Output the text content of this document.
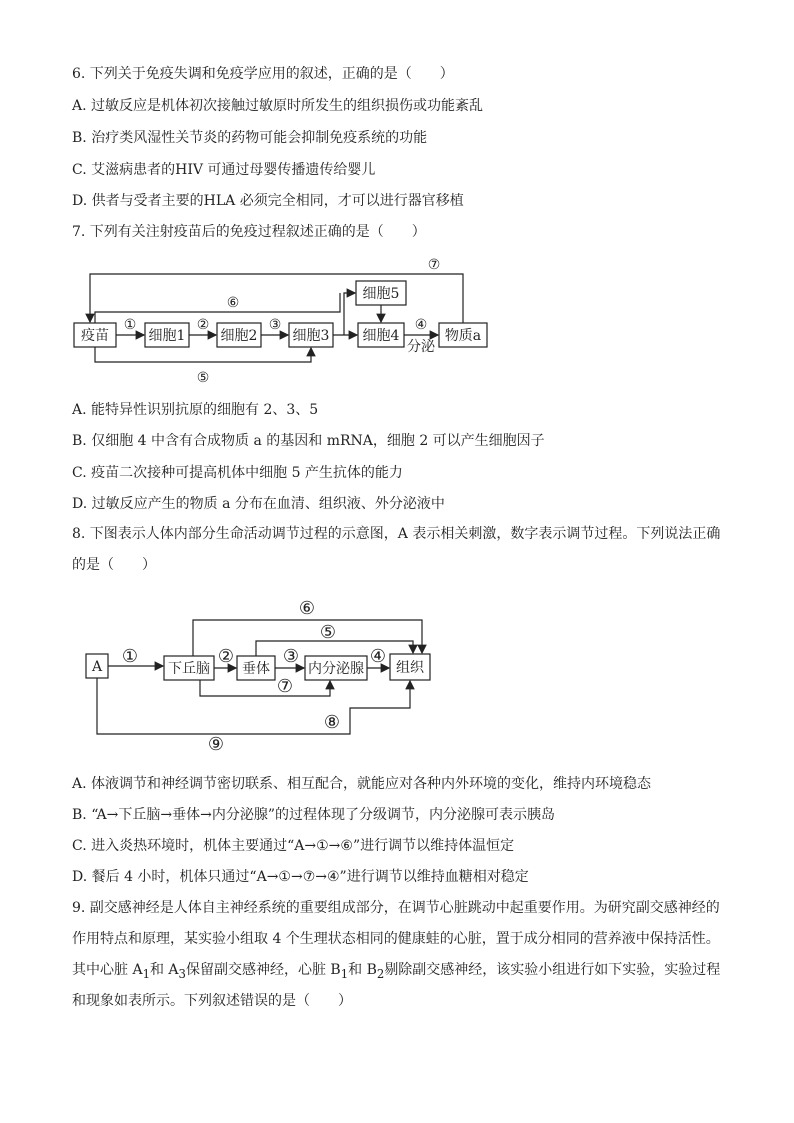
6. 下列关于免疫失调和免疫学应用的叙述，正确的是（　　）
A. 过敏反应是机体初次接触过敏原时所发生的组织损伤或功能紊乱
B. 治疗类风湿性关节炎的药物可能会抑制免疫系统的功能
C. 艾滋病患者的HIV 可通过母婴传播遗传给婴儿
D. 供者与受者主要的HLA 必须完全相同，才可以进行器官移植
7. 下列有关注射疫苗后的免疫过程叙述正确的是（　　）
疫苗	细胞1	细胞2	细胞3 细胞4
细胞5
物质a
①	②	③	④
分泌
⑤
⑥
⑦
A. 能特异性识别抗原的细胞有 2、3、5
B. 仅细胞 4 中含有合成物质 a 的基因和 mRNA，细胞 2 可以产生细胞因子
C. 疫苗二次接种可提高机体中细胞 5 产生抗体的能力
D. 过敏反应产生的物质 a 分布在血清、组织液、外分泌液中
8. 下图表示人体内部分生命活动调节过程的示意图，A 表示相关刺激，数字表示调节过程。下列说法正确的是（　　）
A	下丘脑 垂体	内分泌腺 组织
①	②	③	④
⑤
⑥
⑦
⑧
⑨
A. 体液调节和神经调节密切联系、相互配合，就能应对各种内外环境的变化，维持内环境稳态
B. “A→下丘脑→垂体→内分泌腺”的过程体现了分级调节，内分泌腺可表示胰岛
C. 进入炎热环境时，机体主要通过“A→①→⑥”进行调节以维持体温恒定
D. 餐后 4 小时，机体只通过“A→①→⑦→④”进行调节以维持血糖相对稳定
9. 副交感神经是人体自主神经系统的重要组成部分，在调节心脏跳动中起重要作用。为研究副交感神经的
作用特点和原理，某实验小组取 4 个生理状态相同的健康蛙的心脏，置于成分相同的营养液中保持活性。
其中心脏 $A_1$和 $A_3$保留副交感神经，心脏 $B_1$和 $B_2$剔除副交感神经，该实验小组进行如下实验，实验过程
和现象如表所示。下列叙述错误的是（　　）
